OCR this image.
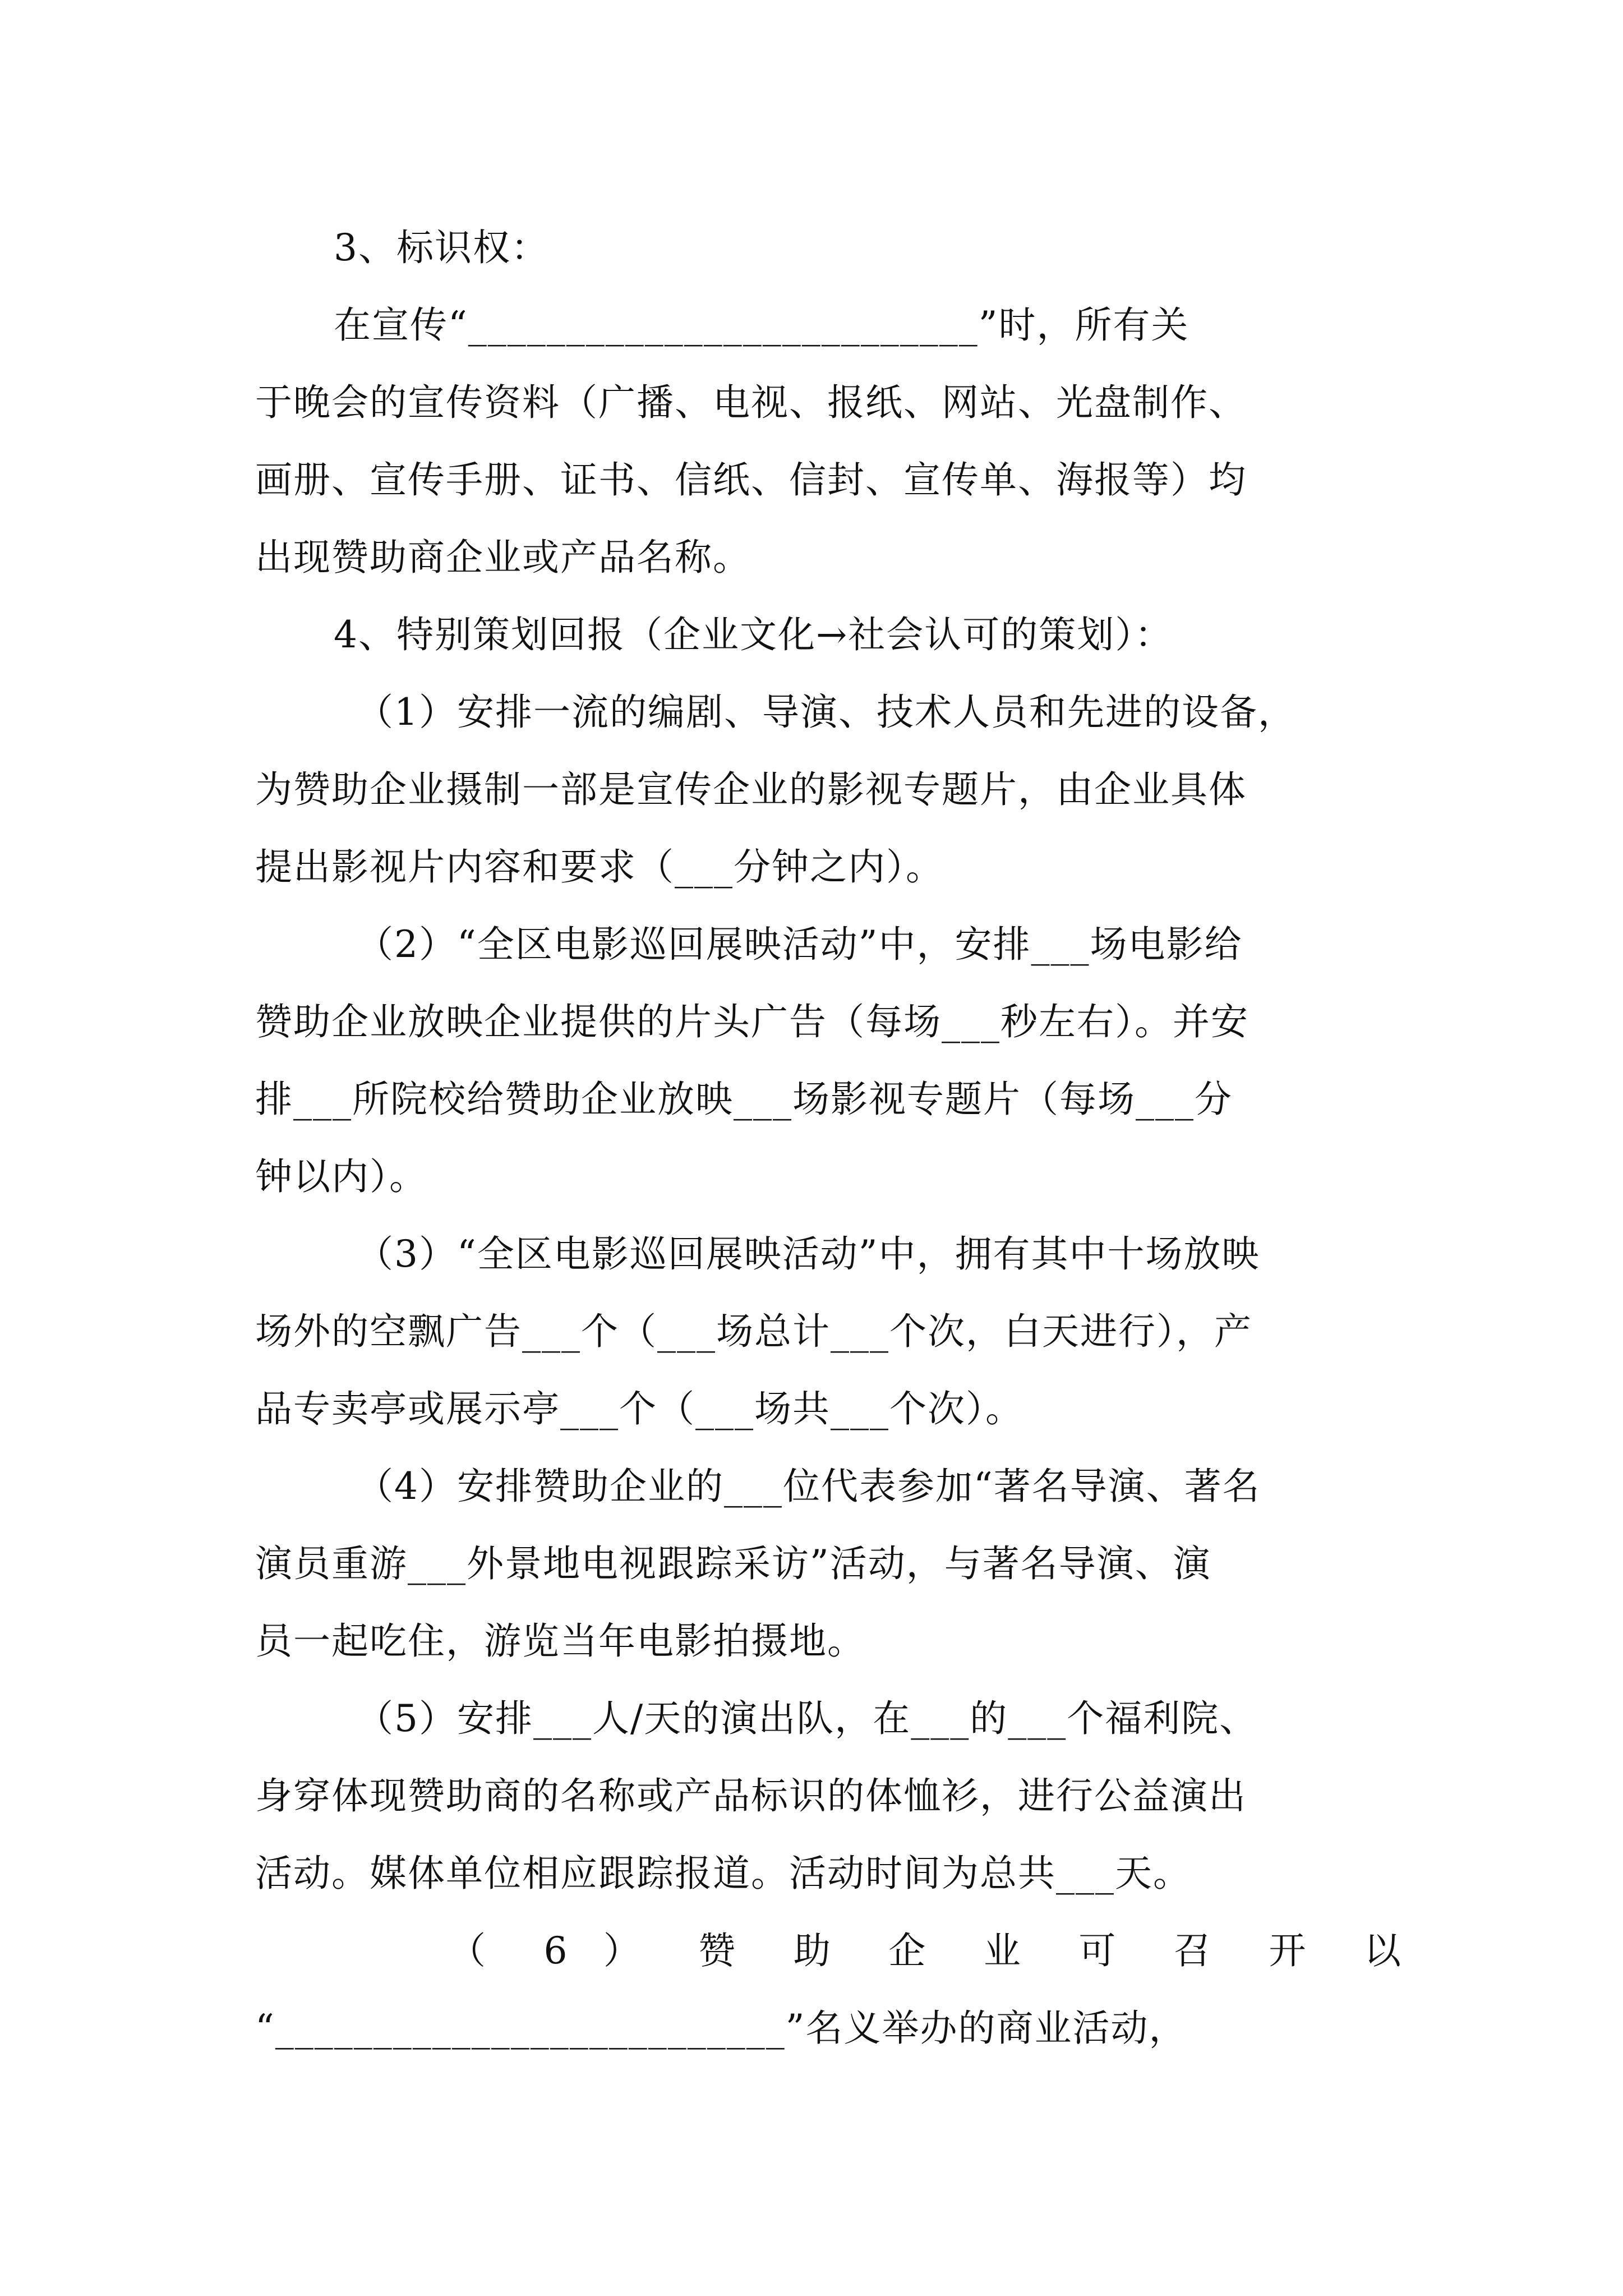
3、标识权：
在宣传“__________________________”时，所有关
于晚会的宣传资料（广播、电视、报纸、网站、光盘制作、
画册、宣传手册、证书、信纸、信封、宣传单、海报等）均
出现赞助商企业或产品名称。
4、特别策划回报（企业文化→社会认可的策划）：
（1）安排一流的编剧、导演、技术人员和先进的设备，
为赞助企业摄制一部是宣传企业的影视专题片，由企业具体
提出影视片内容和要求（___分钟之内）。
（2）“全区电影巡回展映活动”中，安排___场电影给
赞助企业放映企业提供的片头广告（每场___秒左右）。并安
排___所院校给赞助企业放映___场影视专题片（每场___分
钟以内）。
（3）“全区电影巡回展映活动”中，拥有其中十场放映
场外的空飘广告___个（___场总计___个次，白天进行），产
品专卖亭或展示亭___个（___场共___个次）。
（4）安排赞助企业的___位代表参加“著名导演、著名
演员重游___外景地电视跟踪采访”活动，与著名导演、演
员一起吃住，游览当年电影拍摄地。
（5）安排___人/天的演出队，在___的___个福利院、
身穿体现赞助商的名称或产品标识的体恤衫，进行公益演出
活动。媒体单位相应跟踪报道。活动时间为总共___天。
（ 6 ） 赞 助 企 业 可 召 开 以
“__________________________”名义举办的商业活动，
